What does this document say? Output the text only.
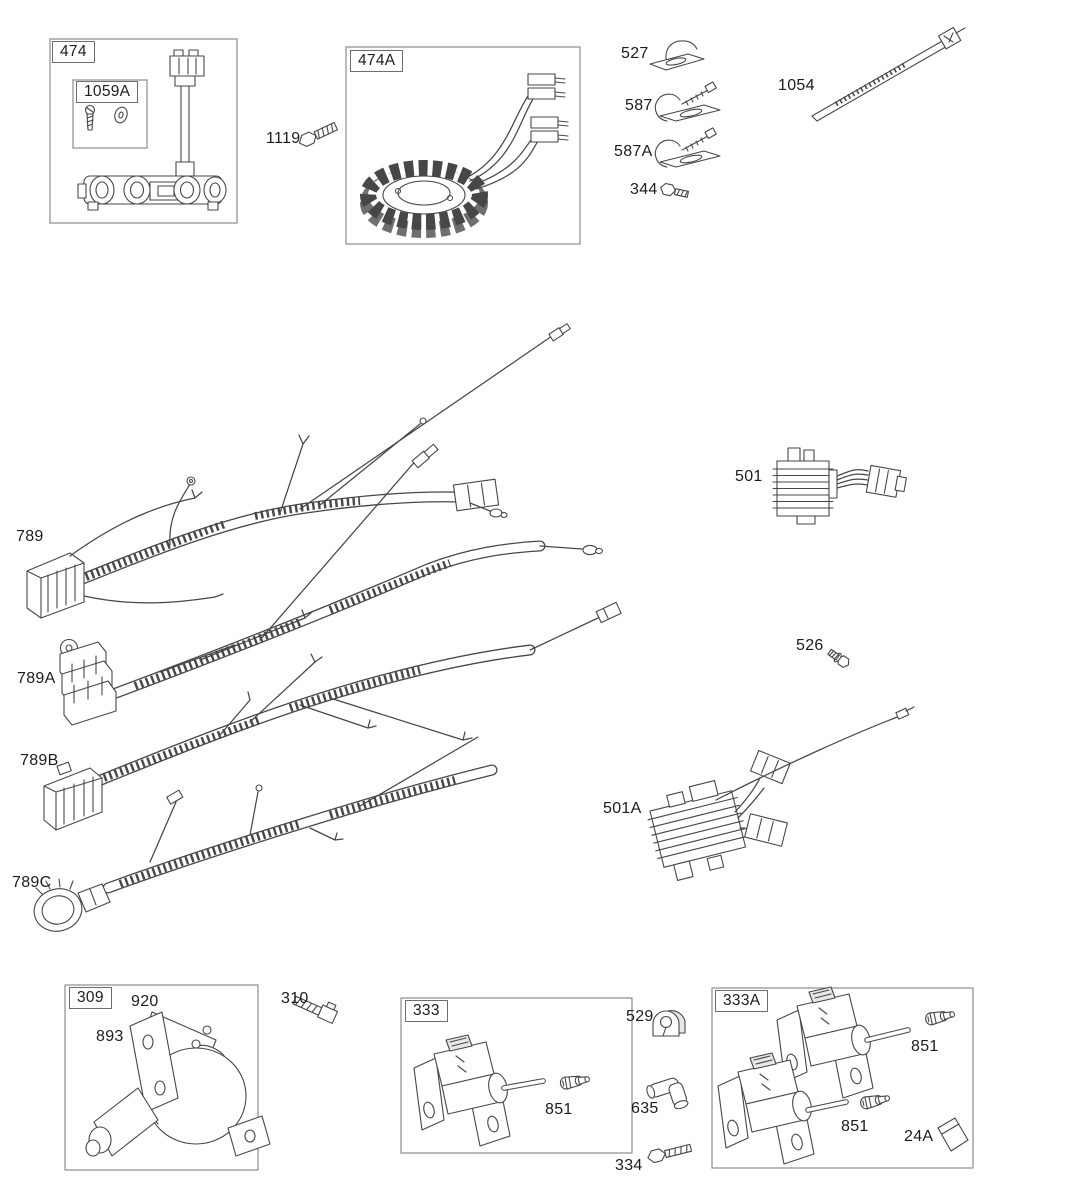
474
1059A
474A
1119
527
587
587A
344
1054
789
789A
789B
789C
501
526
501A
309	920
893
310
333
851
529
635
334
333A
851
851
24A
